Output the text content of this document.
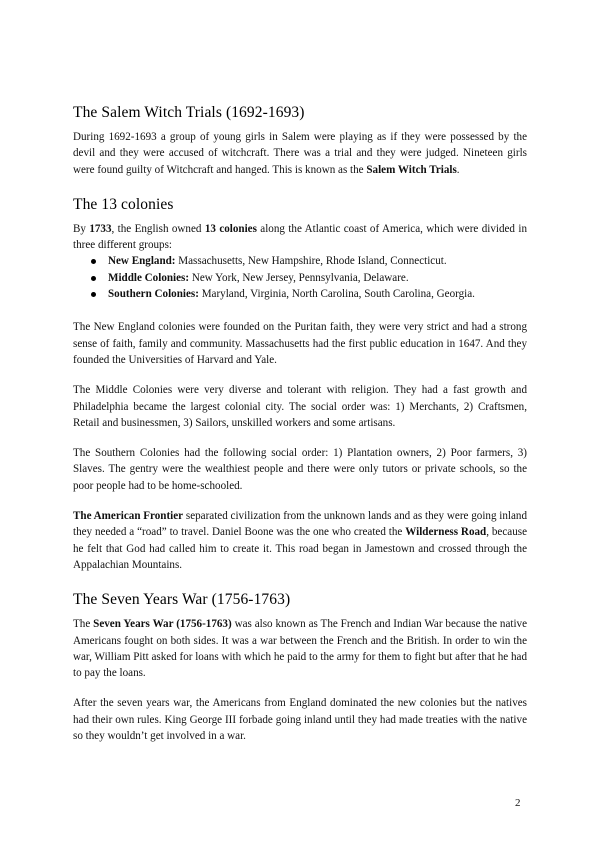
The Salem Witch Trials (1692-1693)

During 1692-1693 a group of young girls in Salem were playing as if they were possessed by the devil and they were accused of witchcraft. There was a trial and they were judged. Nineteen girls were found guilty of Witchcraft and hanged. This is known as the Salem Witch Trials.

The 13 colonies

By 1733, the English owned 13 colonies along the Atlantic coast of America, which were divided in three different groups:

New England: Massachusetts, New Hampshire, Rhode Island, Connecticut.
Middle Colonies: New York, New Jersey, Pennsylvania, Delaware.
Southern Colonies: Maryland, Virginia, North Carolina, South Carolina, Georgia.

The New England colonies were founded on the Puritan faith, they were very strict and had a strong sense of faith, family and community. Massachusetts had the first public education in 1647. And they founded the Universities of Harvard and Yale.

The Middle Colonies were very diverse and tolerant with religion. They had a fast growth and Philadelphia became the largest colonial city. The social order was: 1) Merchants, 2) Craftsmen, Retail and businessmen, 3) Sailors, unskilled workers and some artisans.

The Southern Colonies had the following social order: 1) Plantation owners, 2) Poor farmers, 3) Slaves. The gentry were the wealthiest people and there were only tutors or private schools, so the poor people had to be home-schooled.

The American Frontier separated civilization from the unknown lands and as they were going inland they needed a “road” to travel. Daniel Boone was the one who created the Wilderness Road, because he felt that God had called him to create it. This road began in Jamestown and crossed through the Appalachian Mountains.

The Seven Years War (1756-1763)

The Seven Years War (1756-1763) was also known as The French and Indian War because the native Americans fought on both sides. It was a war between the French and the British. In order to win the war, William Pitt asked for loans with which he paid to the army for them to fight but after that he had to pay the loans.

After the seven years war, the Americans from England dominated the new colonies but the natives had their own rules. King George III forbade going inland until they had made treaties with the native so they wouldn’t get involved in a war.

2
